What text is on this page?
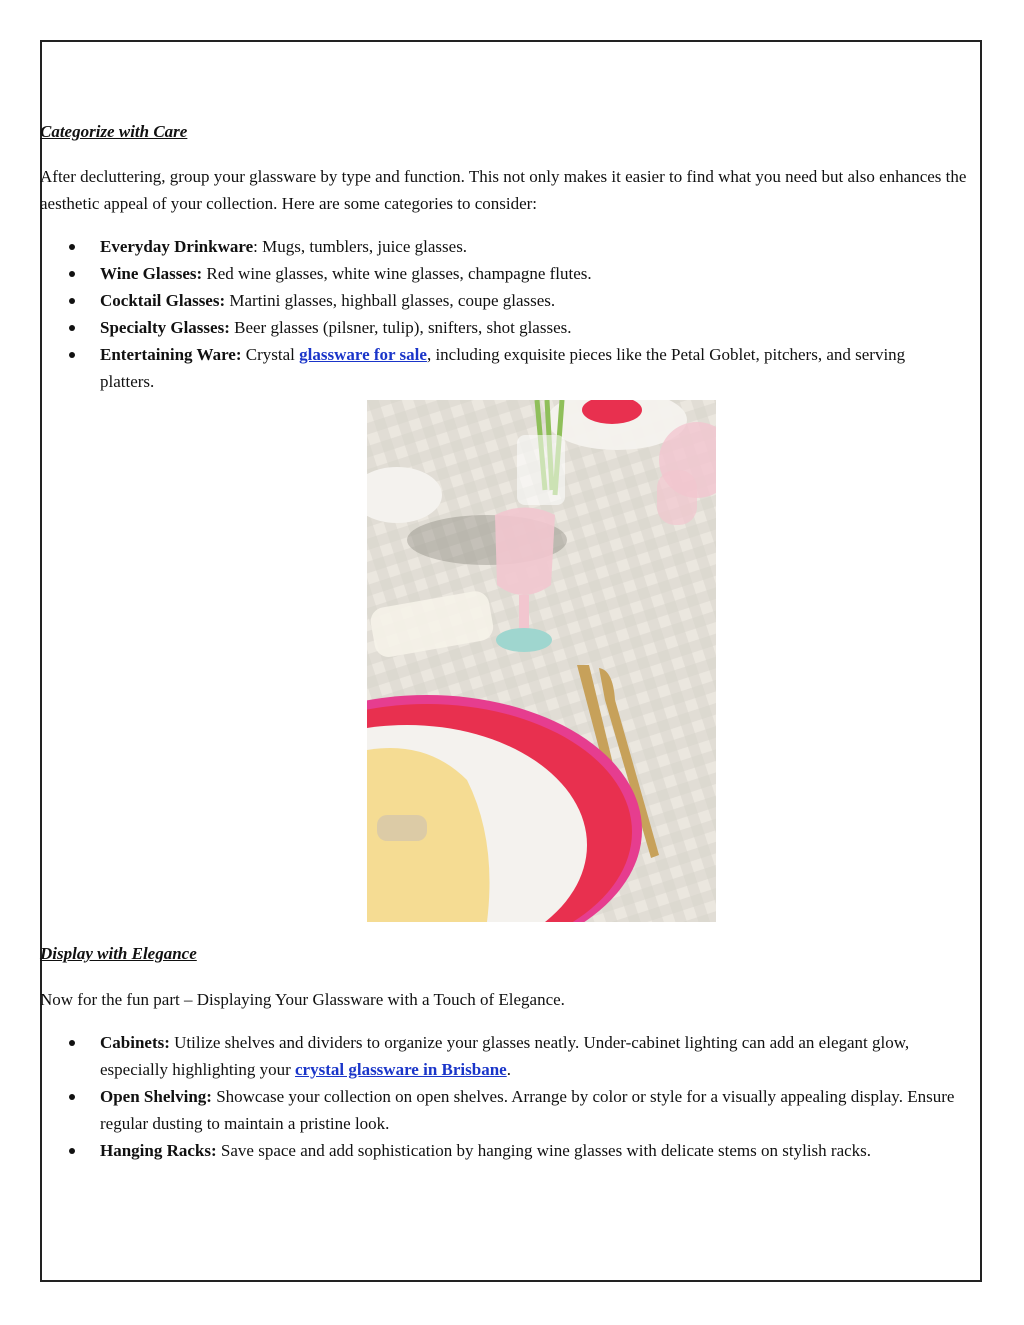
Categorize with Care

After decluttering, group your glassware by type and function. This not only makes it easier to find what you need but also enhances the aesthetic appeal of your collection. Here are some categories to consider:

Everyday Drinkware: Mugs, tumblers, juice glasses.
Wine Glasses: Red wine glasses, white wine glasses, champagne flutes.
Cocktail Glasses: Martini glasses, highball glasses, coupe glasses.
Specialty Glasses: Beer glasses (pilsner, tulip), snifters, shot glasses.
Entertaining Ware: Crystal glassware for sale, including exquisite pieces like the Petal Goblet, pitchers, and serving platters.

Display with Elegance

Now for the fun part – Displaying Your Glassware with a Touch of Elegance.

Cabinets: Utilize shelves and dividers to organize your glasses neatly. Under-cabinet lighting can add an elegant glow, especially highlighting your crystal glassware in Brisbane.
Open Shelving: Showcase your collection on open shelves. Arrange by color or style for a visually appealing display. Ensure regular dusting to maintain a pristine look.
Hanging Racks: Save space and add sophistication by hanging wine glasses with delicate stems on stylish racks.
